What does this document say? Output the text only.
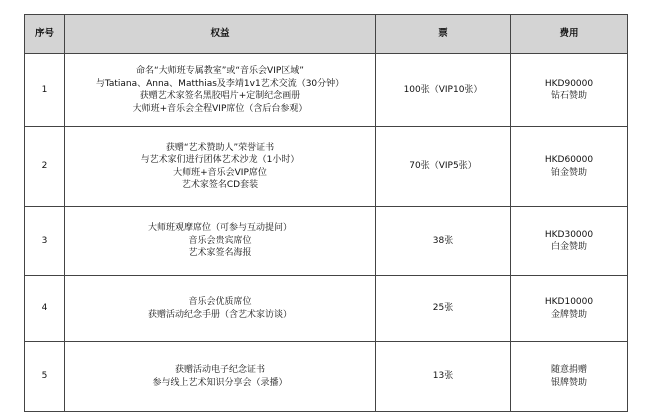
序号	权益	票	费用
1	命名“大师班专属教室”或“音乐会VIP区域”
与Tatiana、Anna、Matthias及李靖1v1艺术交流（30分钟）
获赠艺术家签名黑胶唱片+定制纪念画册
大师班+音乐会全程VIP席位（含后台参观）	100张（VIP10张）	HKD90000
钻石赞助

2	获赠“艺术赞助人”荣誉证书
与艺术家们进行团体艺术沙龙（1小时）
大师班+音乐会VIP席位
艺术家签名CD套装	70张（VIP5张）	HKD60000
铂金赞助

3	大师班观摩席位（可参与互动提问）
音乐会贵宾席位
艺术家签名海报	38张	HKD30000
白金赞助

4	音乐会优质席位
获赠活动纪念手册（含艺术家访谈）	25张	HKD10000
金牌赞助

5	获赠活动电子纪念证书
参与线上艺术知识分享会（录播）	13张	随意捐赠
银牌赞助
